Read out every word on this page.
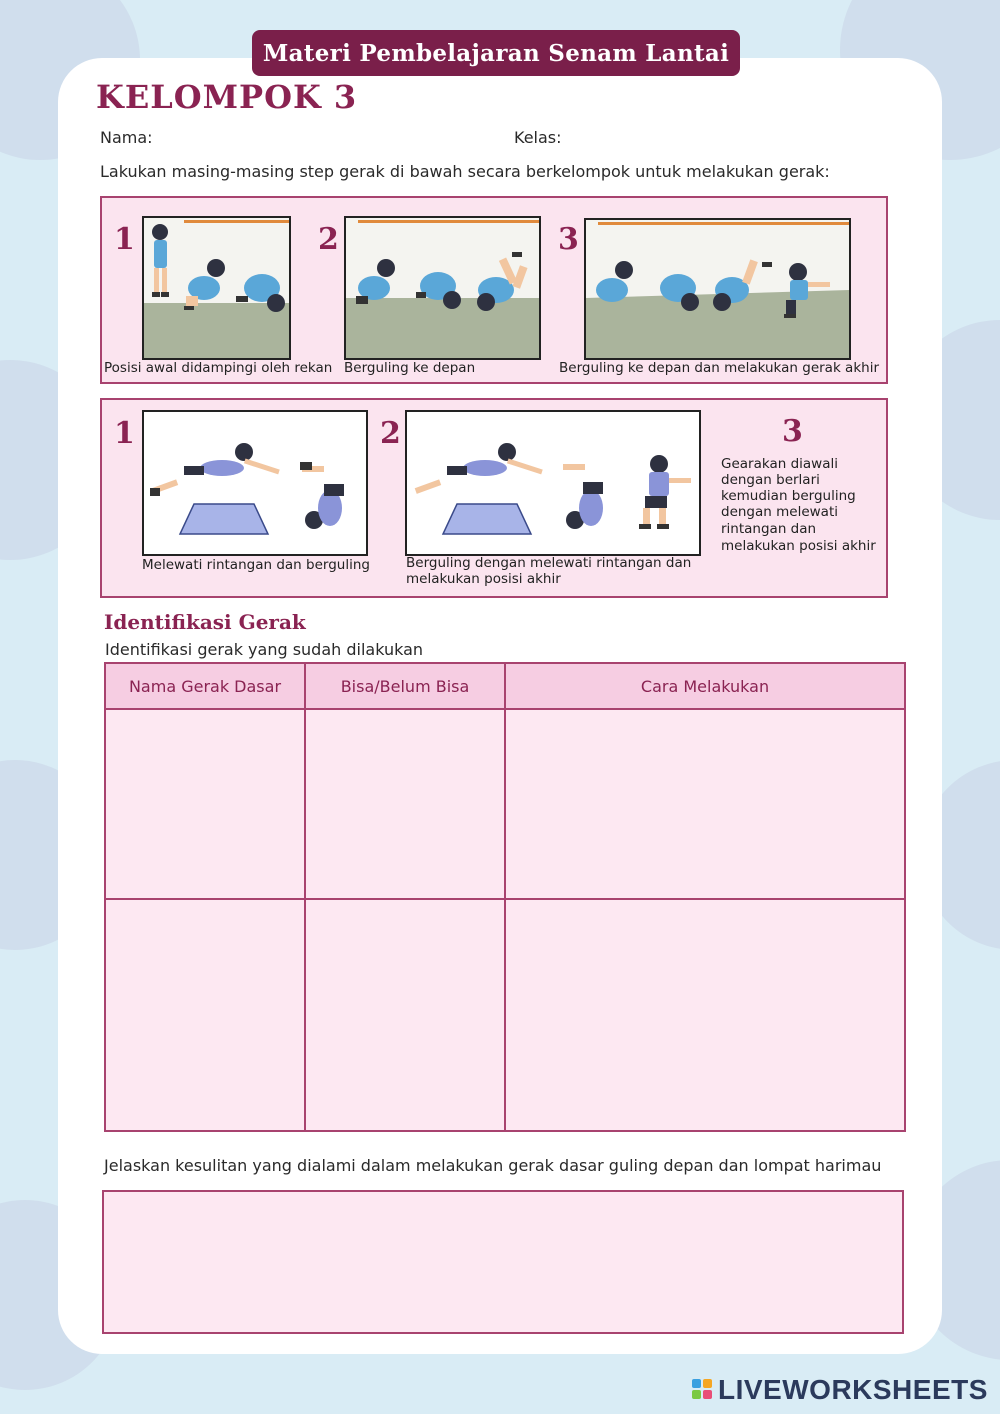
Materi Pembelajaran Senam Lantai
KELOMPOK 3
Nama:	Kelas:
Lakukan masing-masing step gerak di bawah secara berkelompok untuk melakukan gerak:
1
Posisi awal didampingi oleh rekan
2
Berguling ke depan
3
Berguling ke depan dan melakukan gerak akhir
1
Melewati rintangan dan berguling
2
Berguling dengan melewati rintangan dan
melakukan posisi akhir
3
Gearakan diawali
dengan berlari
kemudian berguling
dengan melewati
rintangan dan
melakukan posisi akhir
Identifikasi Gerak
Identifikasi gerak yang sudah dilakukan
Nama Gerak Dasar	Bisa/Belum Bisa	Cara Melakukan

Jelaskan kesulitan yang dialami dalam melakukan gerak dasar guling depan dan lompat harimau
LIVEWORKSHEETS
